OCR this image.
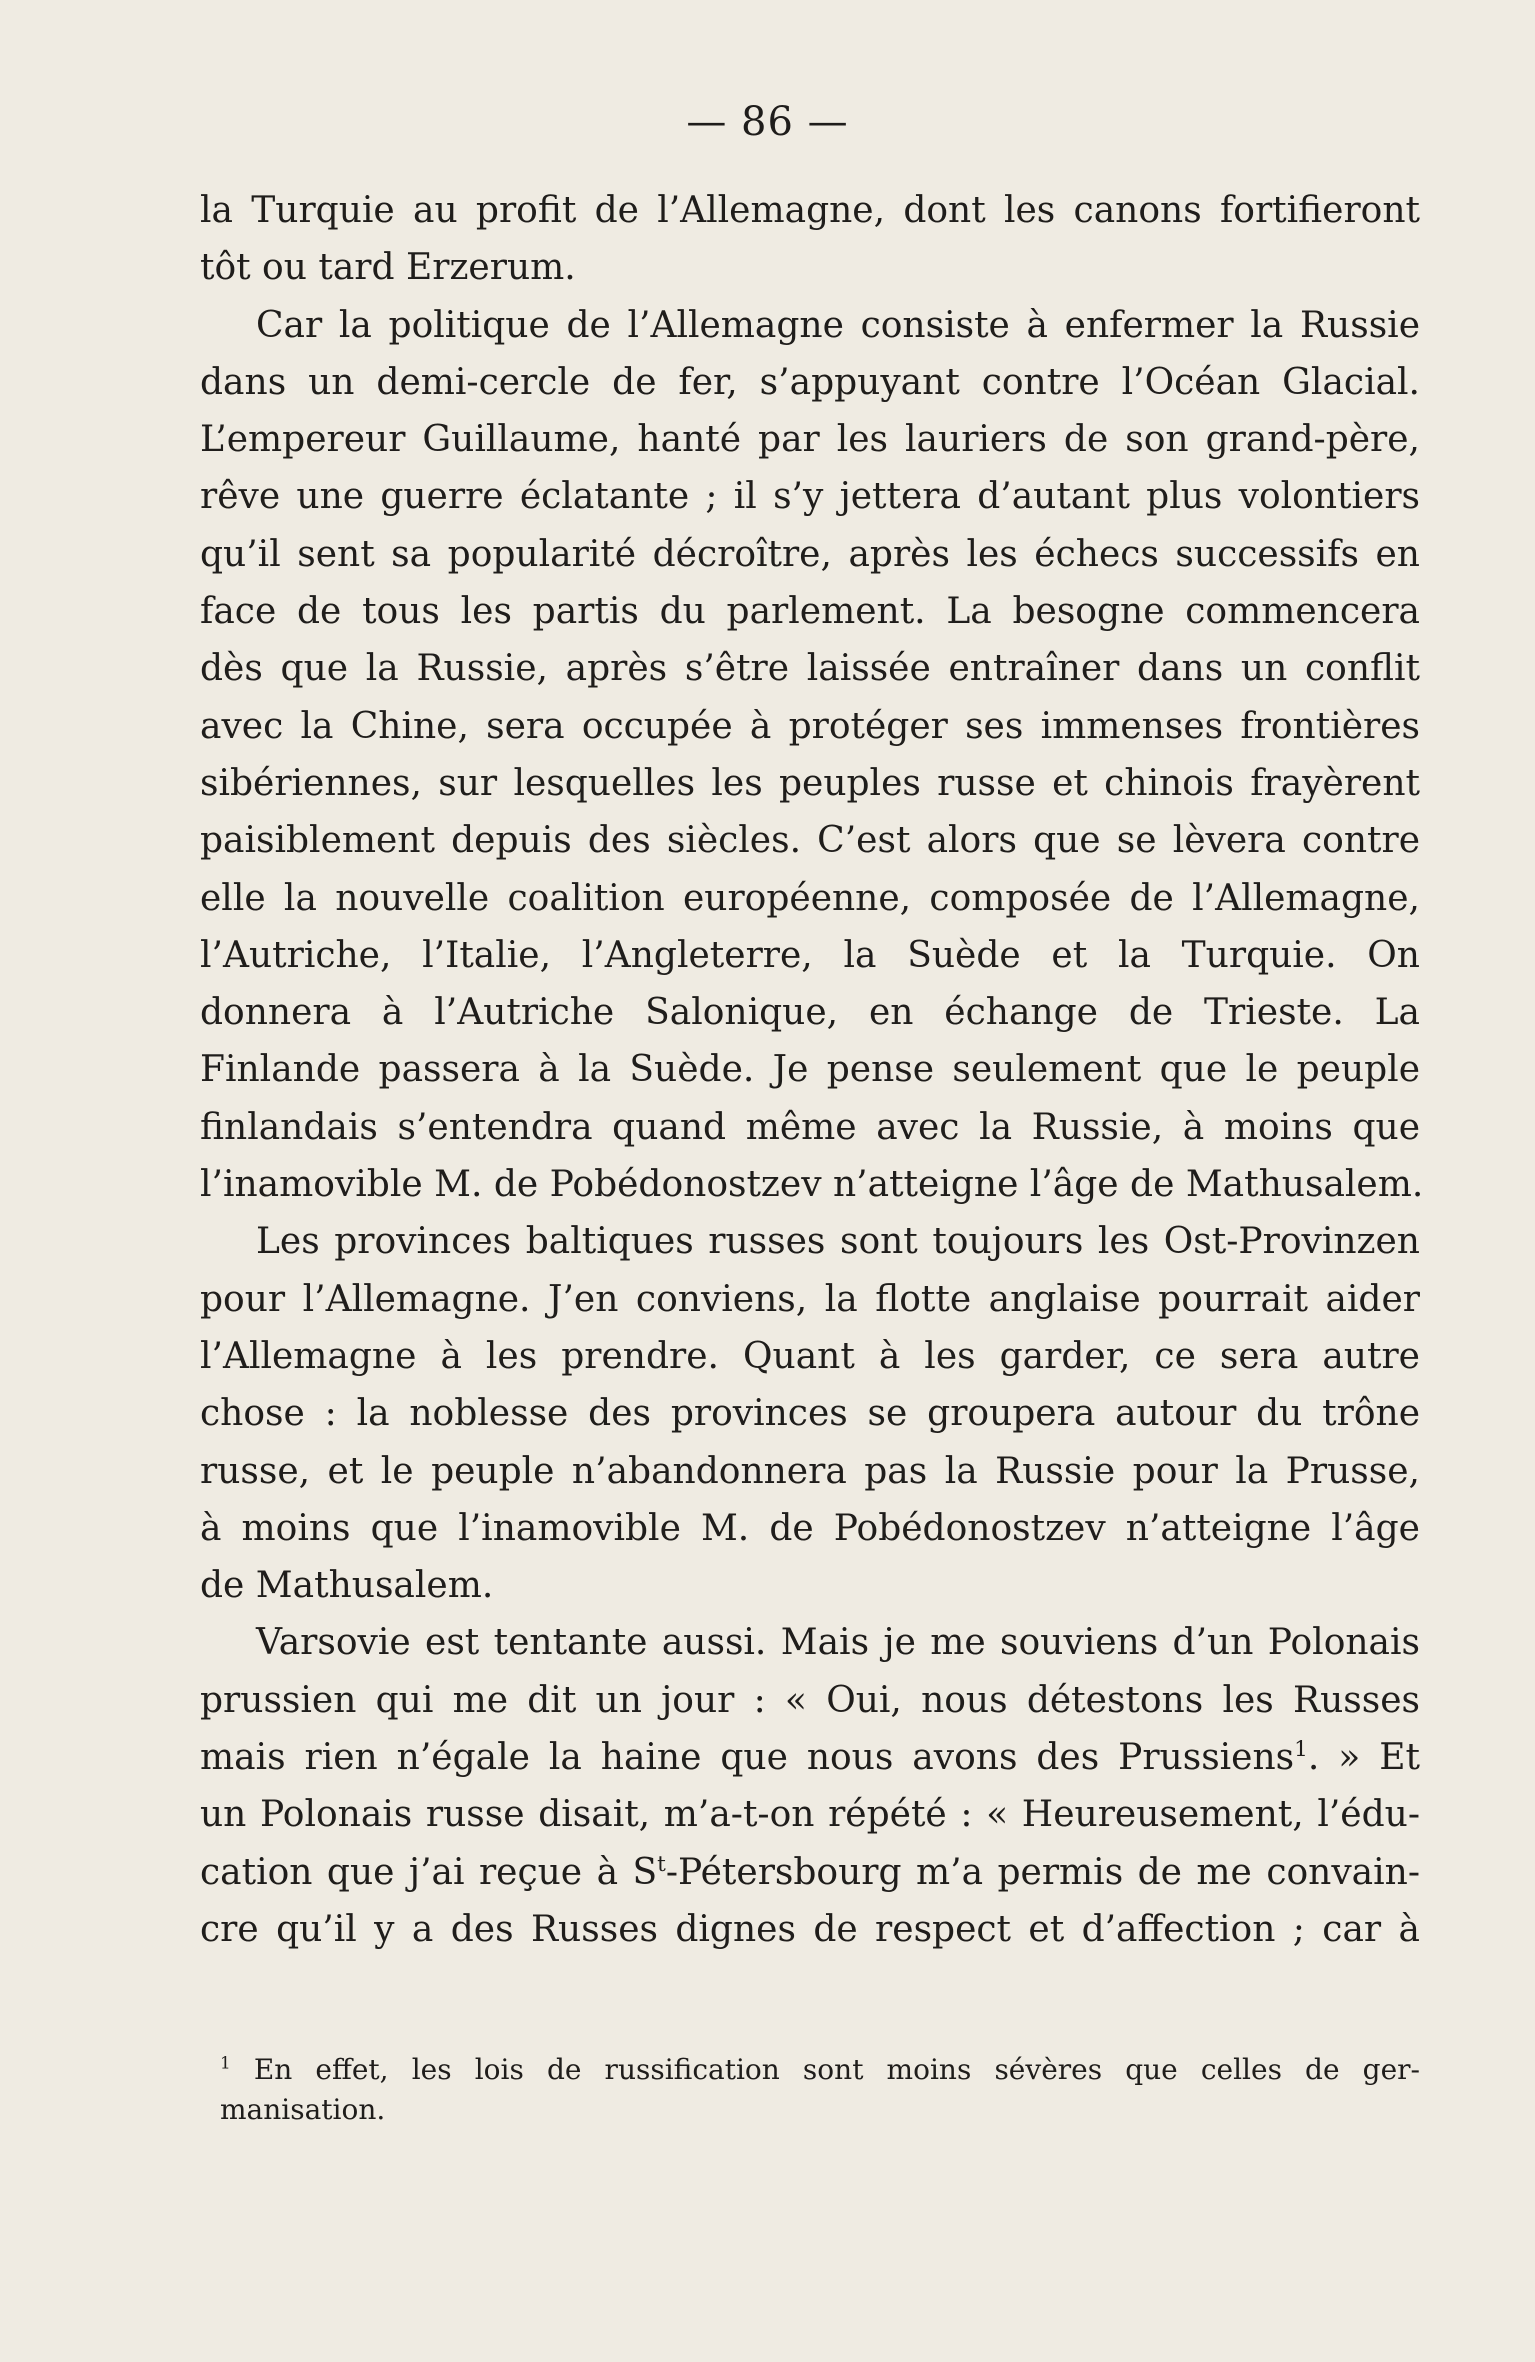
— 86 —

la Turquie au profit de l’Allemagne, dont les canons fortifieront
tôt ou tard Erzerum.

Car la politique de l’Allemagne consiste à enfermer la Russie
dans un demi-cercle de fer, s’appuyant contre l’Océan Glacial.
L’empereur Guillaume, hanté par les lauriers de son grand-père,
rêve une guerre éclatante ; il s’y jettera d’autant plus volontiers
qu’il sent sa popularité décroître, après les échecs successifs en
face de tous les partis du parlement. La besogne commencera
dès que la Russie, après s’être laissée entraîner dans un conflit
avec la Chine, sera occupée à protéger ses immenses frontières
sibériennes, sur lesquelles les peuples russe et chinois frayèrent
paisiblement depuis des siècles. C’est alors que se lèvera contre
elle la nouvelle coalition européenne, composée de l’Allemagne,
l’Autriche, l’Italie, l’Angleterre, la Suède et la Turquie. On
donnera à l’Autriche Salonique, en échange de Trieste. La
Finlande passera à la Suède. Je pense seulement que le peuple
finlandais s’entendra quand même avec la Russie, à moins que
l’inamovible M. de Pobédonostzev n’atteigne l’âge de Mathusalem.

Les provinces baltiques russes sont toujours les Ost-Provinzen
pour l’Allemagne. J’en conviens, la flotte anglaise pourrait aider
l’Allemagne à les prendre. Quant à les garder, ce sera autre
chose : la noblesse des provinces se groupera autour du trône
russe, et le peuple n’abandonnera pas la Russie pour la Prusse,
à moins que l’inamovible M. de Pobédonostzev n’atteigne l’âge
de Mathusalem.

Varsovie est tentante aussi. Mais je me souviens d’un Polonais
prussien qui me dit un jour : « Oui, nous détestons les Russes
mais rien n’égale la haine que nous avons des Prussiens$^1$. » Et
un Polonais russe disait, m’a-t-on répété : « Heureusement, l’édu-
cation que j’ai reçue à S$^t$-Pétersbourg m’a permis de me convain-
cre qu’il y a des Russes dignes de respect et d’affection ; car à

$^1$ En effet, les lois de russification sont moins sévères que celles de ger-
manisation.
